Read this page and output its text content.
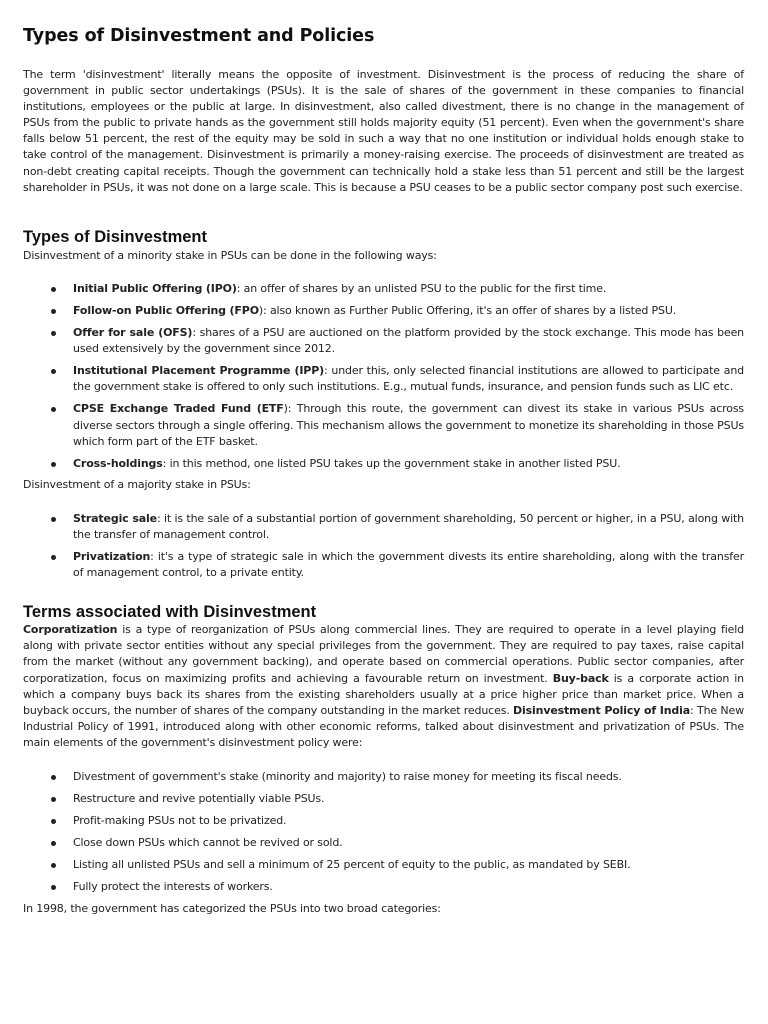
Types of Disinvestment and Policies

The term 'disinvestment' literally means the opposite of investment. Disinvestment is the process of reducing the share of government in public sector undertakings (PSUs). It is the sale of shares of the government in these companies to financial institutions, employees or the public at large. In disinvestment, also called divestment, there is no change in the management of PSUs from the public to private hands as the government still holds majority equity (51 percent). Even when the government's share falls below 51 percent, the rest of the equity may be sold in such a way that no one institution or individual holds enough stake to take control of the management. Disinvestment is primarily a money-raising exercise. The proceeds of disinvestment are treated as non-debt creating capital receipts. Though the government can technically hold a stake less than 51 percent and still be the largest shareholder in PSUs, it was not done on a large scale. This is because a PSU ceases to be a public sector company post such exercise.

Types of Disinvestment

Disinvestment of a minority stake in PSUs can be done in the following ways:

Initial Public Offering (IPO): an offer of shares by an unlisted PSU to the public for the first time.
Follow-on Public Offering (FPO): also known as Further Public Offering, it's an offer of shares by a listed PSU.
Offer for sale (OFS): shares of a PSU are auctioned on the platform provided by the stock exchange. This mode has been used extensively by the government since 2012.
Institutional Placement Programme (IPP): under this, only selected financial institutions are allowed to participate and the government stake is offered to only such institutions. E.g., mutual funds, insurance, and pension funds such as LIC etc.
CPSE Exchange Traded Fund (ETF): Through this route, the government can divest its stake in various PSUs across diverse sectors through a single offering. This mechanism allows the government to monetize its shareholding in those PSUs which form part of the ETF basket.
Cross-holdings: in this method, one listed PSU takes up the government stake in another listed PSU.

Disinvestment of a majority stake in PSUs:

Strategic sale: it is the sale of a substantial portion of government shareholding, 50 percent or higher, in a PSU, along with the transfer of management control.
Privatization: it's a type of strategic sale in which the government divests its entire shareholding, along with the transfer of management control, to a private entity.
Terms associated with Disinvestment

Corporatization is a type of reorganization of PSUs along commercial lines. They are required to operate in a level playing field along with private sector entities without any special privileges from the government. They are required to pay taxes, raise capital from the market (without any government backing), and operate based on commercial operations. Public sector companies, after corporatization, focus on maximizing profits and achieving a favourable return on investment. Buy-back is a corporate action in which a company buys back its shares from the existing shareholders usually at a price higher price than market price. When a buyback occurs, the number of shares of the company outstanding in the market reduces. Disinvestment Policy of India: The New Industrial Policy of 1991, introduced along with other economic reforms, talked about disinvestment and privatization of PSUs. The main elements of the government's disinvestment policy were:

Divestment of government's stake (minority and majority) to raise money for meeting its fiscal needs.
Restructure and revive potentially viable PSUs.
Profit-making PSUs not to be privatized.
Close down PSUs which cannot be revived or sold.
Listing all unlisted PSUs and sell a minimum of 25 percent of equity to the public, as mandated by SEBI.
Fully protect the interests of workers.

In 1998, the government has categorized the PSUs into two broad categories:
